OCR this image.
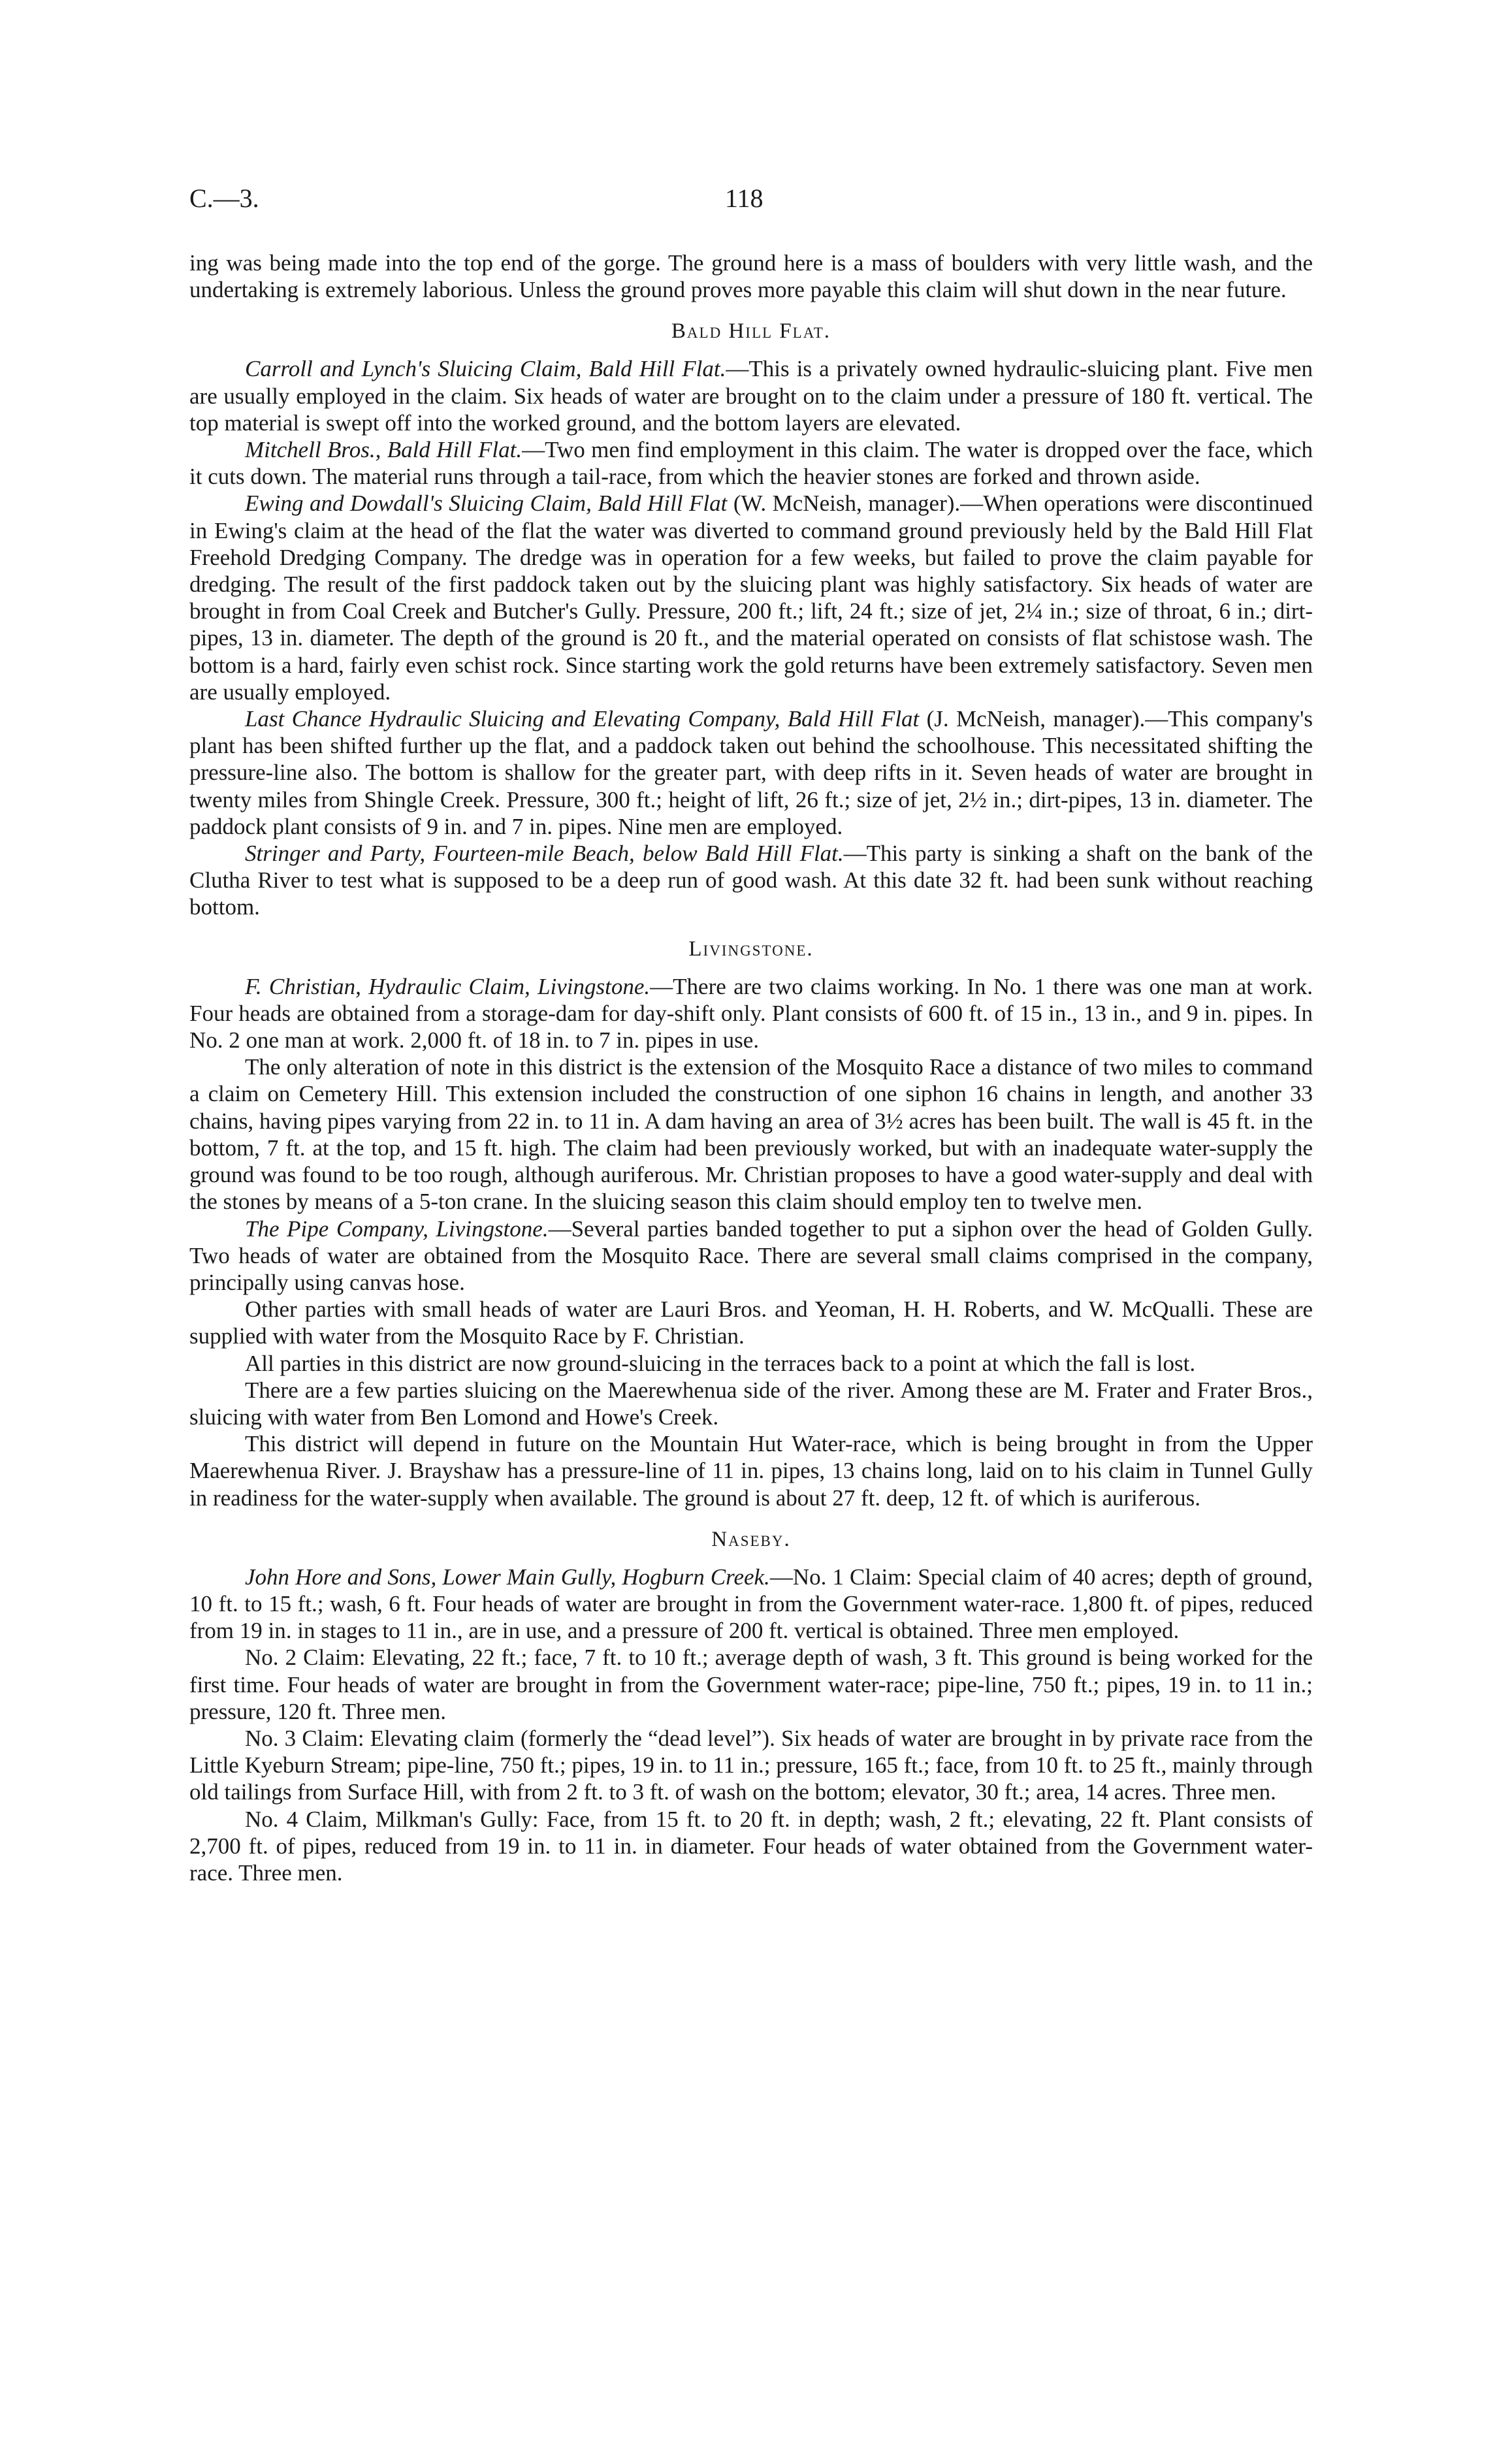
C.—3.	118

ing was being made into the top end of the gorge. The ground here is a mass of boulders with very little wash, and the undertaking is extremely laborious. Unless the ground proves more payable this claim will shut down in the near future.

Bald Hill Flat.

Carroll and Lynch's Sluicing Claim, Bald Hill Flat.—This is a privately owned hydraulic-sluicing plant. Five men are usually employed in the claim. Six heads of water are brought on to the claim under a pressure of 180 ft. vertical. The top material is swept off into the worked ground, and the bottom layers are elevated.

Mitchell Bros., Bald Hill Flat.—Two men find employment in this claim. The water is dropped over the face, which it cuts down. The material runs through a tail-race, from which the heavier stones are forked and thrown aside.

Ewing and Dowdall's Sluicing Claim, Bald Hill Flat (W. McNeish, manager).—When operations were discontinued in Ewing's claim at the head of the flat the water was diverted to command ground previously held by the Bald Hill Flat Freehold Dredging Company. The dredge was in operation for a few weeks, but failed to prove the claim payable for dredging. The result of the first paddock taken out by the sluicing plant was highly satisfactory. Six heads of water are brought in from Coal Creek and Butcher's Gully. Pressure, 200 ft.; lift, 24 ft.; size of jet, 2¼ in.; size of throat, 6 in.; dirt-pipes, 13 in. diameter. The depth of the ground is 20 ft., and the material operated on consists of flat schistose wash. The bottom is a hard, fairly even schist rock. Since starting work the gold returns have been extremely satisfactory. Seven men are usually employed.

Last Chance Hydraulic Sluicing and Elevating Company, Bald Hill Flat (J. McNeish, manager).—This company's plant has been shifted further up the flat, and a paddock taken out behind the schoolhouse. This necessitated shifting the pressure-line also. The bottom is shallow for the greater part, with deep rifts in it. Seven heads of water are brought in twenty miles from Shingle Creek. Pressure, 300 ft.; height of lift, 26 ft.; size of jet, 2½ in.; dirt-pipes, 13 in. diameter. The paddock plant consists of 9 in. and 7 in. pipes. Nine men are employed.

Stringer and Party, Fourteen-mile Beach, below Bald Hill Flat.—This party is sinking a shaft on the bank of the Clutha River to test what is supposed to be a deep run of good wash. At this date 32 ft. had been sunk without reaching bottom.

Livingstone.

F. Christian, Hydraulic Claim, Livingstone.—There are two claims working. In No. 1 there was one man at work. Four heads are obtained from a storage-dam for day-shift only. Plant consists of 600 ft. of 15 in., 13 in., and 9 in. pipes. In No. 2 one man at work. 2,000 ft. of 18 in. to 7 in. pipes in use.

The only alteration of note in this district is the extension of the Mosquito Race a distance of two miles to command a claim on Cemetery Hill. This extension included the construction of one siphon 16 chains in length, and another 33 chains, having pipes varying from 22 in. to 11 in. A dam having an area of 3½ acres has been built. The wall is 45 ft. in the bottom, 7 ft. at the top, and 15 ft. high. The claim had been previously worked, but with an inadequate water-supply the ground was found to be too rough, although auriferous. Mr. Christian proposes to have a good water-supply and deal with the stones by means of a 5-ton crane. In the sluicing season this claim should employ ten to twelve men.

The Pipe Company, Livingstone.—Several parties banded together to put a siphon over the head of Golden Gully. Two heads of water are obtained from the Mosquito Race. There are several small claims comprised in the company, principally using canvas hose.

Other parties with small heads of water are Lauri Bros. and Yeoman, H. H. Roberts, and W. McQualli. These are supplied with water from the Mosquito Race by F. Christian.

All parties in this district are now ground-sluicing in the terraces back to a point at which the fall is lost.

There are a few parties sluicing on the Maerewhenua side of the river. Among these are M. Frater and Frater Bros., sluicing with water from Ben Lomond and Howe's Creek.

This district will depend in future on the Mountain Hut Water-race, which is being brought in from the Upper Maerewhenua River. J. Brayshaw has a pressure-line of 11 in. pipes, 13 chains long, laid on to his claim in Tunnel Gully in readiness for the water-supply when available. The ground is about 27 ft. deep, 12 ft. of which is auriferous.

Naseby.

John Hore and Sons, Lower Main Gully, Hogburn Creek.—No. 1 Claim: Special claim of 40 acres; depth of ground, 10 ft. to 15 ft.; wash, 6 ft. Four heads of water are brought in from the Government water-race. 1,800 ft. of pipes, reduced from 19 in. in stages to 11 in., are in use, and a pressure of 200 ft. vertical is obtained. Three men employed.

No. 2 Claim: Elevating, 22 ft.; face, 7 ft. to 10 ft.; average depth of wash, 3 ft. This ground is being worked for the first time. Four heads of water are brought in from the Government water-race; pipe-line, 750 ft.; pipes, 19 in. to 11 in.; pressure, 120 ft. Three men.

No. 3 Claim: Elevating claim (formerly the “dead level”). Six heads of water are brought in by private race from the Little Kyeburn Stream; pipe-line, 750 ft.; pipes, 19 in. to 11 in.; pressure, 165 ft.; face, from 10 ft. to 25 ft., mainly through old tailings from Surface Hill, with from 2 ft. to 3 ft. of wash on the bottom; elevator, 30 ft.; area, 14 acres. Three men.

No. 4 Claim, Milkman's Gully: Face, from 15 ft. to 20 ft. in depth; wash, 2 ft.; elevating, 22 ft. Plant consists of 2,700 ft. of pipes, reduced from 19 in. to 11 in. in diameter. Four heads of water obtained from the Government water-race. Three men.
